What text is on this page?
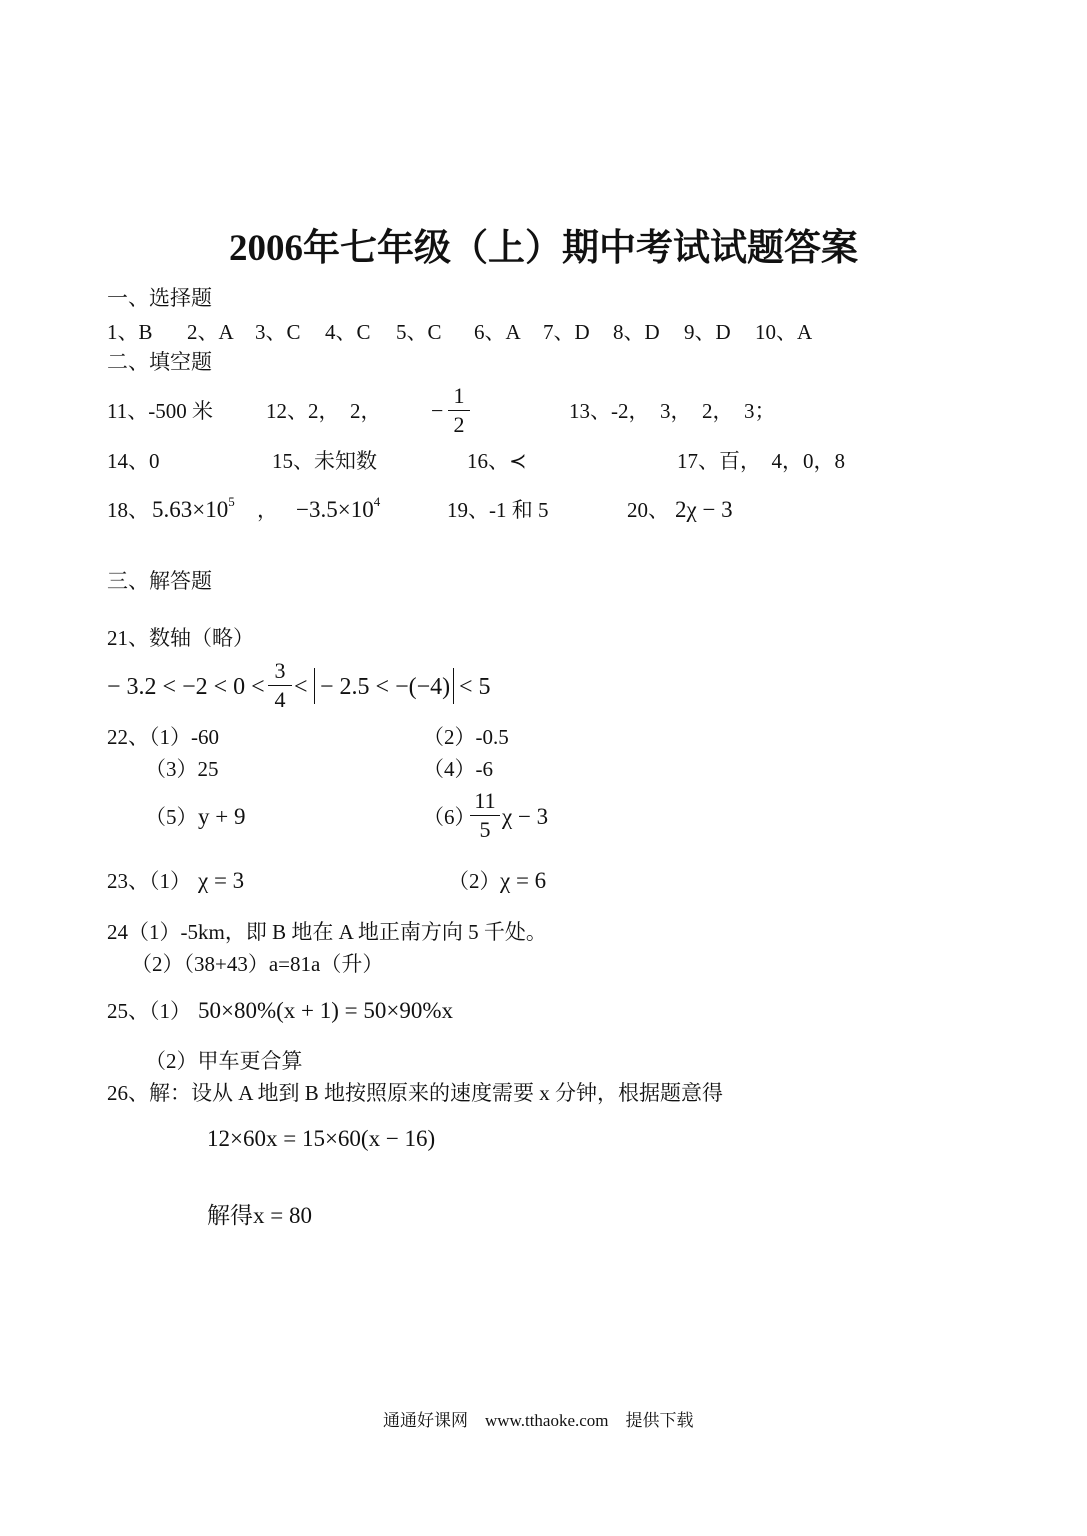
2006年七年级（上）期中考试试题答案
一、选择题
1、B 2、A 3、C 4、C 5、C 6、A 7、D 8、D 9、D 10、A
二、填空题
11、-500 米	12、2，　2， −
1
2
13、-2，　3，　2，　3；
14、0	15、未知数	16、≺	17、百，　4，0，8
18、 $5.63\times 10^5$ ， $-3.5\times 10^4$	19、-1 和 5	20、 2χ − 3
三、解答题
21、数轴（略）
− 3.2 < −2 < 0 <
3
4 < − 2.5 < −(−4) < 5
22、（1）-60	（2）-0.5
（3）25	（4）-6
（5） y + 9	（6）
11
5
χ − 3
23、（1） χ = 3	（2） χ = 6
24（1）-5km，即 B 地在 A 地正南方向 5 千处。
（2）（38+43）a=81a（升）
25、（1） 50×80%(x + 1) = 50×90%x
（2）甲车更合算
26、解：设从 A 地到 B 地按照原来的速度需要 x 分钟，根据题意得
12×60x = 15×60(x − 16)
解得x = 80
通通好课网　www.tthaoke.com　提供下载
